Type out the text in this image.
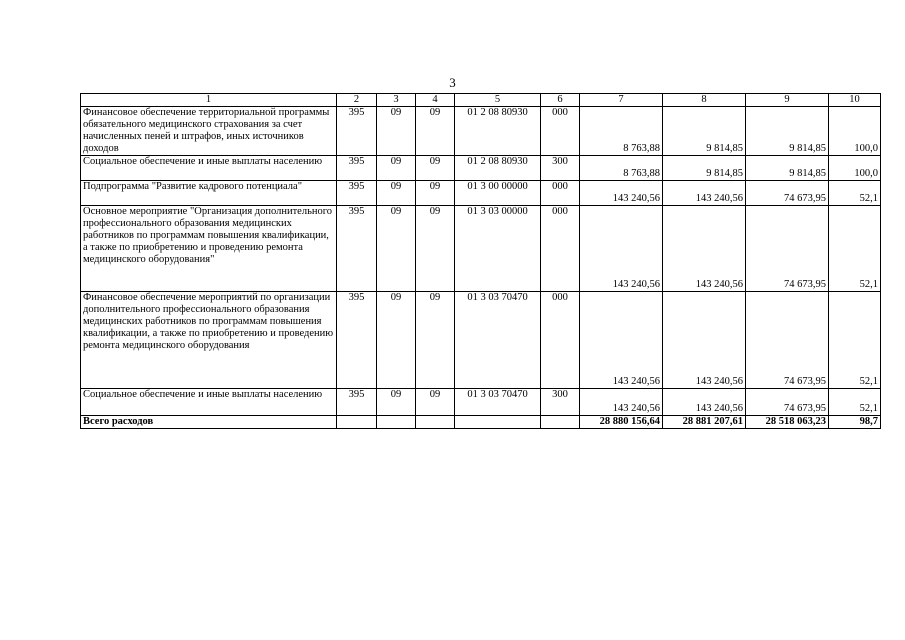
3
1	2	3	4	5	6	7	8	9	10
Финансовое обеспечение территориальной программы обязательного медицинского страхования за счет начисленных пеней и штрафов, иных источников доходов	395	09	09	01 2 08 80930	000	8 763,88	9 814,85	9 814,85	100,0
Социальное обеспечение и иные выплаты населению	395	09	09	01 2 08 80930	300	8 763,88	9 814,85	9 814,85	100,0
Подпрограмма "Развитие кадрового потенциала"	395	09	09	01 3 00 00000	000	143 240,56	143 240,56	74 673,95	52,1
Основное мероприятие "Организация дополнительного профессионального образования медицинских работников по программам повышения квалификации, а также по приобретению и проведению ремонта медицинского оборудования"	395	09	09	01 3 03 00000	000	143 240,56	143 240,56	74 673,95	52,1
Финансовое обеспечение мероприятий по организации дополнительного профессионального образования медицинских работников по программам повышения квалификации, а также по приобретению и проведению ремонта медицинского оборудования	395	09	09	01 3 03 70470	000	143 240,56	143 240,56	74 673,95	52,1
Социальное обеспечение и иные выплаты населению	395	09	09	01 3 03 70470	300	143 240,56	143 240,56	74 673,95	52,1
Всего расходов						28 880 156,64	28 881 207,61	28 518 063,23	98,7
